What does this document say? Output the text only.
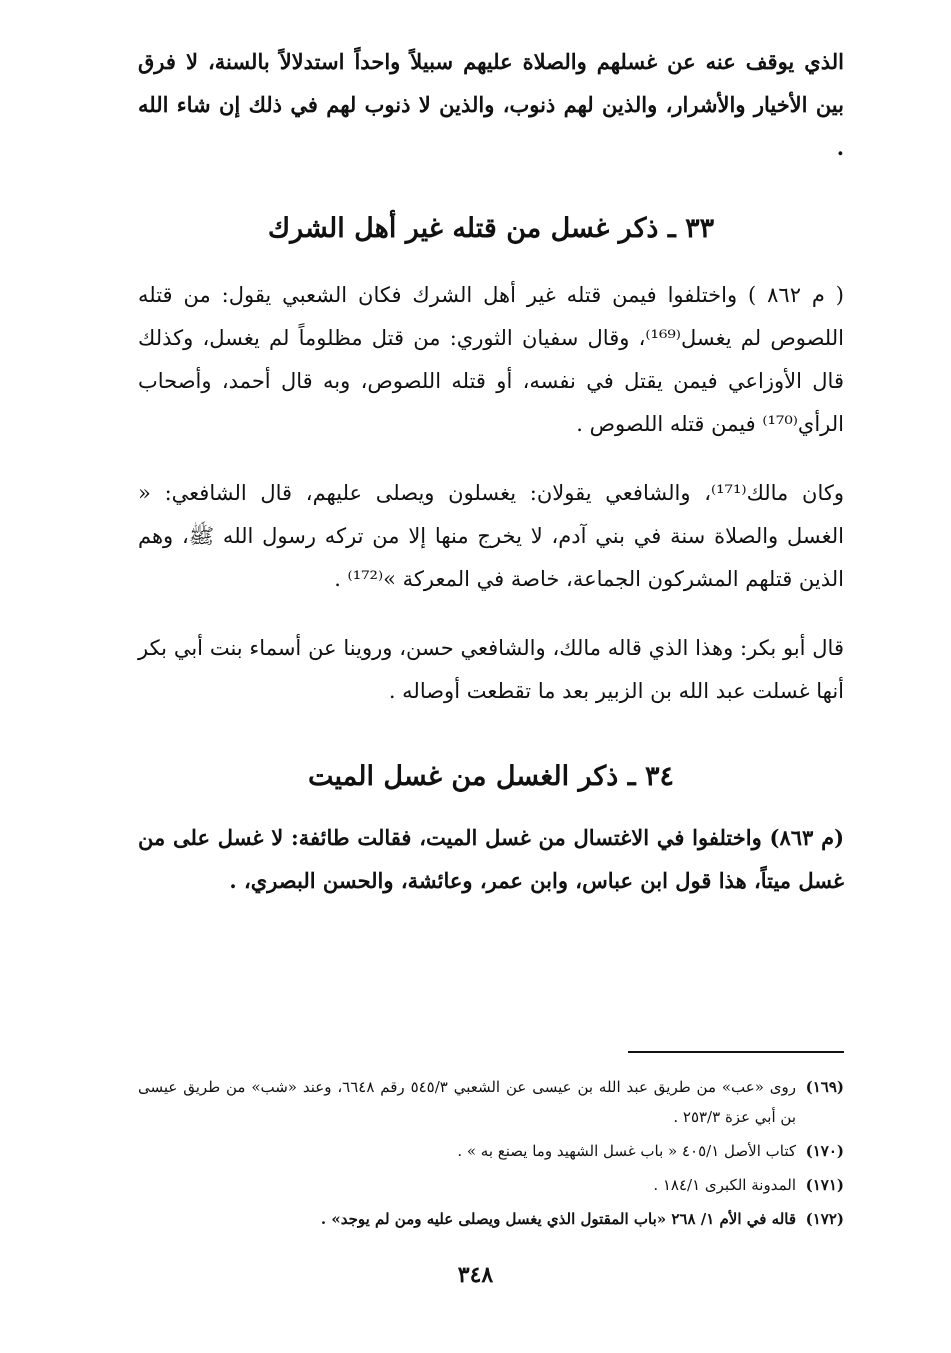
الذي يوقف عنه عن غسلهم والصلاة عليهم سبيلاً واحداً استدلالاً بالسنة، لا فرق بين الأخيار والأشرار، والذين لهم ذنوب، والذين لا ذنوب لهم في ذلك إن شاء الله .

٣٣ ـ ذكر غسل من قتله غير أهل الشرك

( م ٨٦٢ ) واختلفوا فيمن قتله غير أهل الشرك فكان الشعبي يقول: من قتله اللصوص لم يغسل⁽¹⁶⁹⁾، وقال سفيان الثوري: من قتل مظلوماً لم يغسل، وكذلك قال الأوزاعي فيمن يقتل في نفسه، أو قتله اللصوص، وبه قال أحمد، وأصحاب الرأي⁽¹⁷⁰⁾ فيمن قتله اللصوص .

وكان مالك⁽¹⁷¹⁾، والشافعي يقولان: يغسلون ويصلى عليهم، قال الشافعي: « الغسل والصلاة سنة في بني آدم، لا يخرج منها إلا من تركه رسول الله ﷺ، وهم الذين قتلهم المشركون الجماعة، خاصة في المعركة »⁽¹⁷²⁾ .

قال أبو بكر: وهذا الذي قاله مالك، والشافعي حسن، وروينا عن أسماء بنت أبي بكر أنها غسلت عبد الله بن الزبير بعد ما تقطعت أوصاله .

٣٤ ـ ذكر الغسل من غسل الميت

(م ٨٦٣) واختلفوا في الاغتسال من غسل الميت، فقالت طائفة: لا غسل على من غسل ميتاً، هذا قول ابن عباس، وابن عمر، وعائشة، والحسن البصري، .

(١٦٩)
روى «عب» من طريق عبد الله بن عيسى عن الشعبي ٥٤٥/٣ رقم ٦٦٤٨، وعند «شب» من طريق عيسى بن أبي عزة ٢٥٣/٣ .
(١٧٠)
كتاب الأصل ٤٠٥/١ « باب غسل الشهيد وما يصنع به » .
(١٧١)
المدونة الكبرى ١٨٤/١ .
(١٧٢)
قاله في الأم ١/ ٢٦٨ «باب المقتول الذي يغسل ويصلى عليه ومن لم يوجد» .
٣٤٨
